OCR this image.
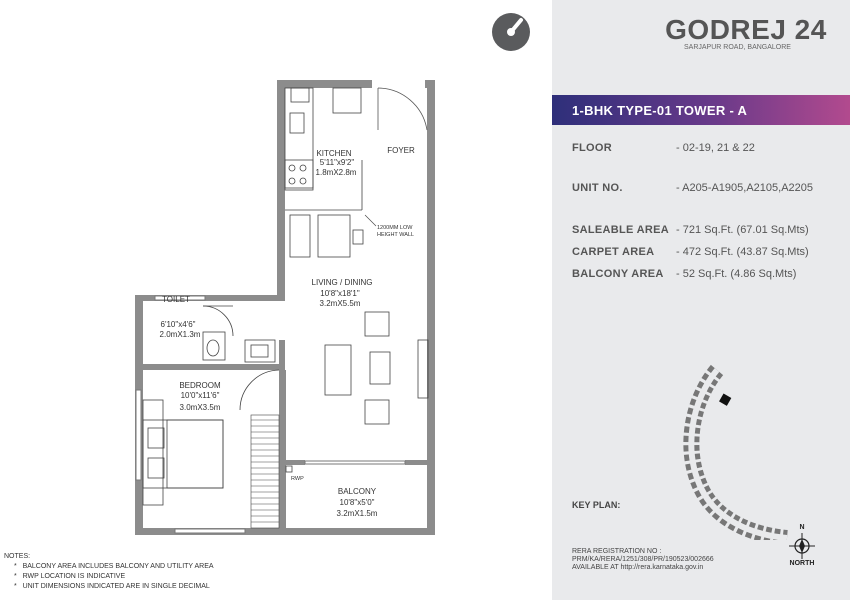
KITCHEN
5'11"x9'2"
1.8mX2.8m
FOYER
LIVING / DINING
10'8"x18'1"
3.2mX5.5m
TOILET
6'10"x4'6"
2.0mX1.3m
BEDROOM
10'0"x11'6"
3.0mX3.5m
BALCONY
10'8"x5'0"
3.2mX1.5m
1200MM LOW
HEIGHT WALL
RWP
NOTES:
*   BALCONY AREA INCLUDES BALCONY AND UTILITY AREA
*   RWP LOCATION IS INDICATIVE
*   UNIT DIMENSIONS INDICATED ARE IN SINGLE DECIMAL
GODREJ 24
SARJAPUR ROAD, BANGALORE
1-BHK TYPE-01 TOWER - A
FLOOR	- 02-19, 21 & 22
UNIT NO.	- A205-A1905,A2105,A2205
SALEABLE AREA - 721 Sq.Ft. (67.01 Sq.Mts)
CARPET AREA	- 472 Sq.Ft. (43.87 Sq.Mts)
BALCONY AREA	- 52 Sq.Ft. (4.86 Sq.Mts)
KEY PLAN:
RERA REGISTRATION NO :
PRM/KA/RERA/1251/308/PR/190523/002666
AVAILABLE AT http://rera.karnataka.gov.in
N
NORTH
